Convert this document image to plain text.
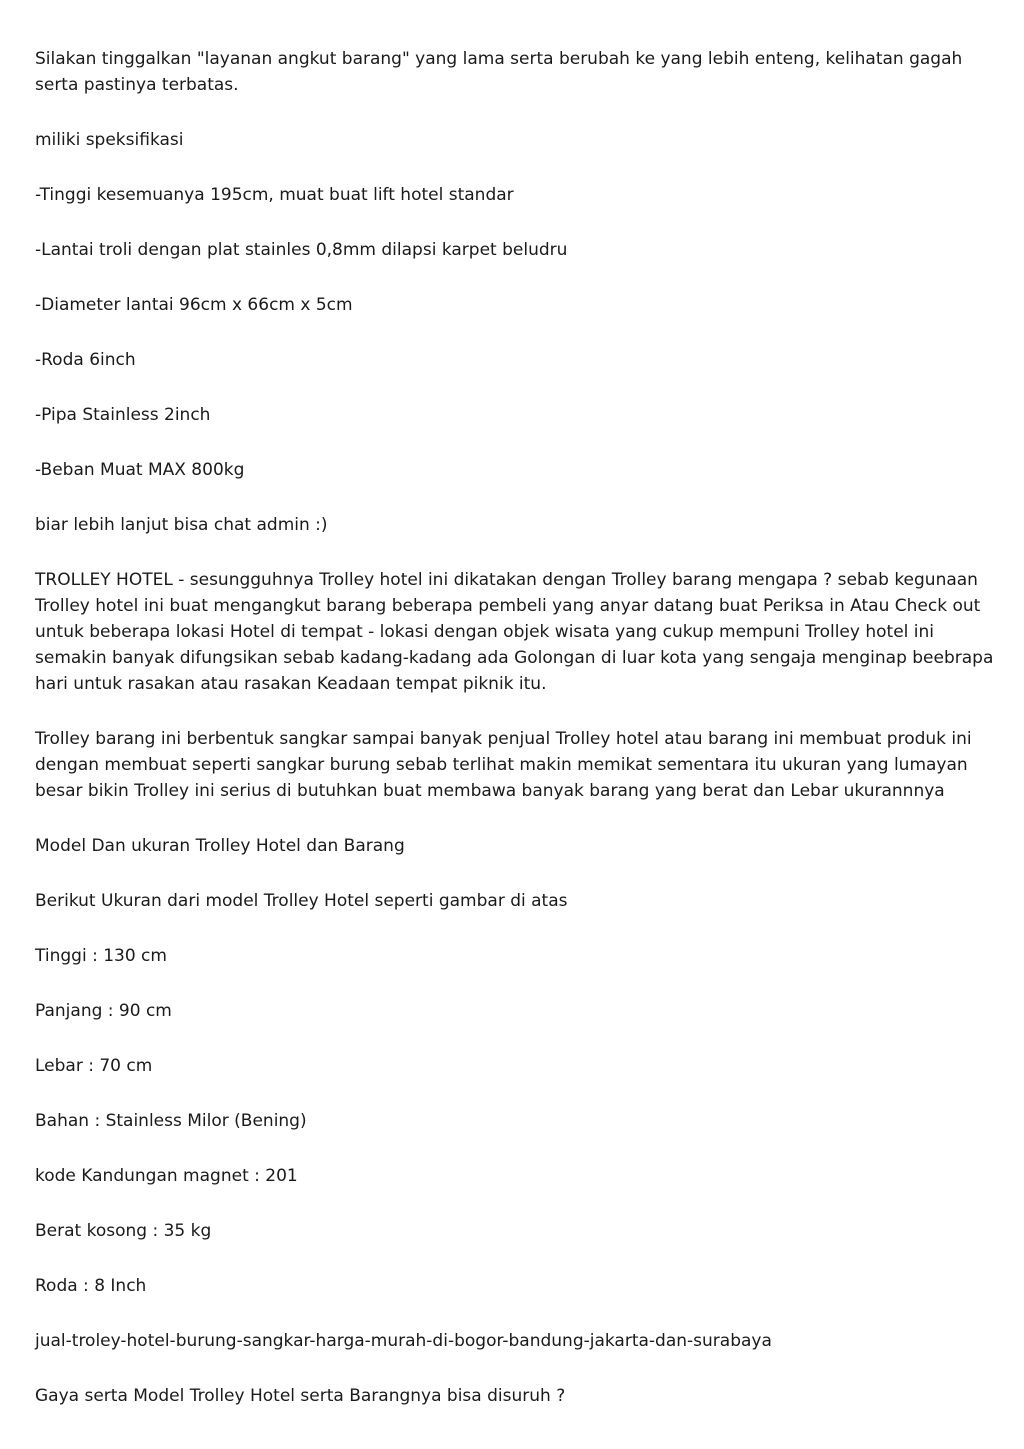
Silakan tinggalkan "layanan angkut barang" yang lama serta berubah ke yang lebih enteng, kelihatan gagah serta pastinya terbatas.

miliki speksifikasi

-Tinggi kesemuanya 195cm, muat buat lift hotel standar

-Lantai troli dengan plat stainles 0,8mm dilapsi karpet beludru

-Diameter lantai 96cm x 66cm x 5cm

-Roda 6inch

-Pipa Stainless 2inch

-Beban Muat MAX 800kg

biar lebih lanjut bisa chat admin :)

TROLLEY HOTEL - sesungguhnya Trolley hotel ini dikatakan dengan Trolley barang mengapa ? sebab kegunaan Trolley hotel ini buat mengangkut barang beberapa pembeli yang anyar datang buat Periksa in Atau Check out untuk beberapa lokasi Hotel di tempat - lokasi dengan objek wisata yang cukup mempuni Trolley hotel ini semakin banyak difungsikan sebab kadang-kadang ada Golongan di luar kota yang sengaja menginap beebrapa hari untuk rasakan atau rasakan Keadaan tempat piknik itu.

Trolley barang ini berbentuk sangkar sampai banyak penjual Trolley hotel atau barang ini membuat produk ini dengan membuat seperti sangkar burung sebab terlihat makin memikat sementara itu ukuran yang lumayan besar bikin Trolley ini serius di butuhkan buat membawa banyak barang yang berat dan Lebar ukurannnya

Model Dan ukuran Trolley Hotel dan Barang

Berikut Ukuran dari model Trolley Hotel seperti gambar di atas

Tinggi : 130 cm

Panjang : 90 cm

Lebar : 70 cm

Bahan : Stainless Milor (Bening)

kode Kandungan magnet : 201

Berat kosong : 35 kg

Roda : 8 Inch

jual-troley-hotel-burung-sangkar-harga-murah-di-bogor-bandung-jakarta-dan-surabaya

Gaya serta Model Trolley Hotel serta Barangnya bisa disuruh ?
